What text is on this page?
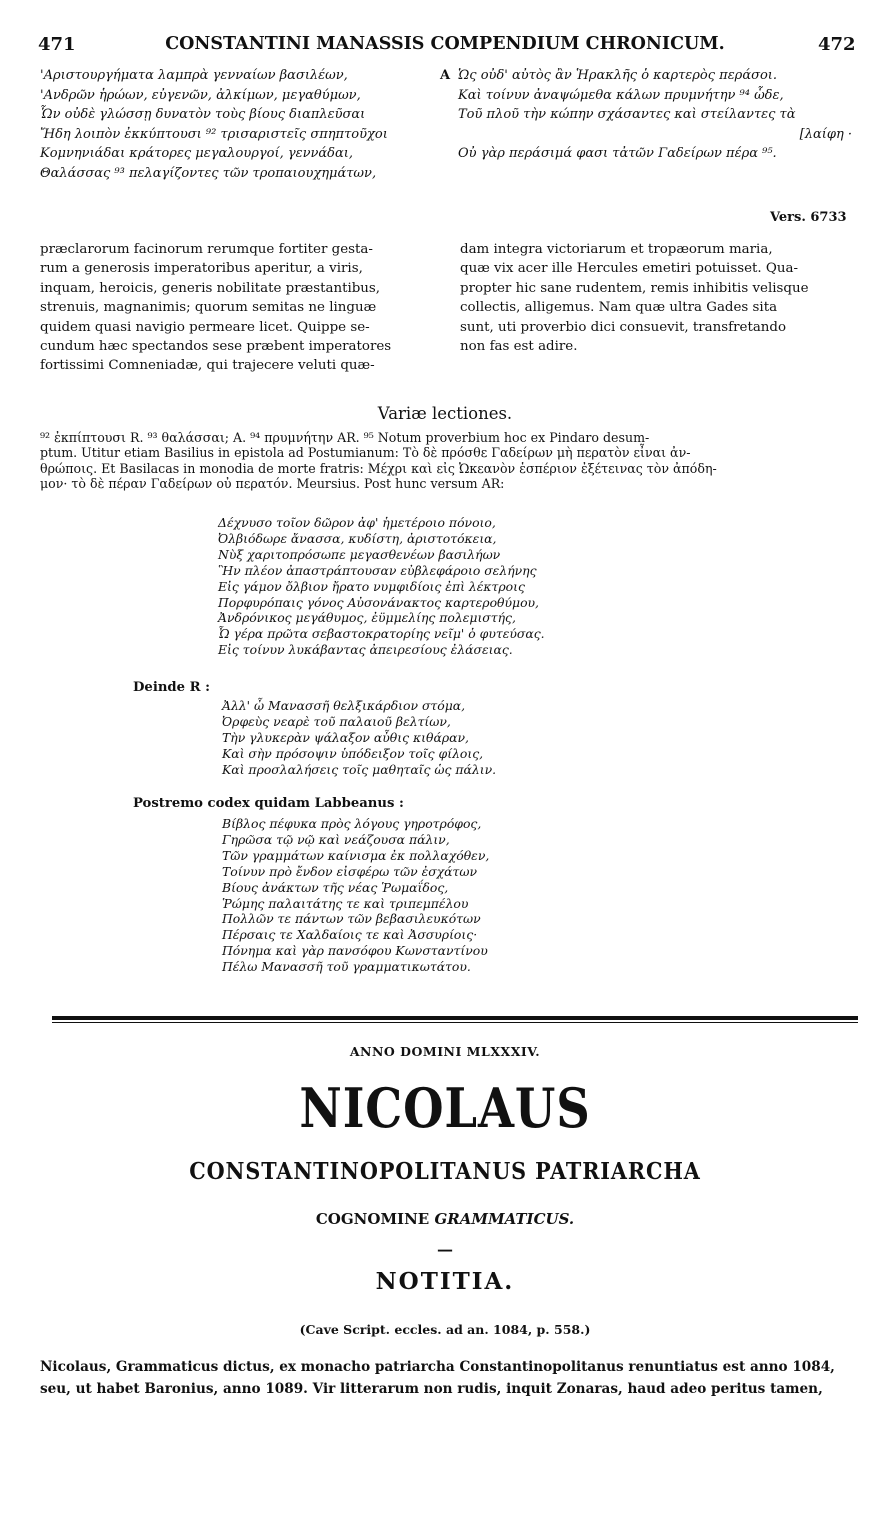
471	CONSTANTINI MANASSIS COMPENDIUM CHRONICUM.	472
'Αριστουργήματα λαμπρὰ γενναίων βασιλέων,
'Ανδρῶν ἡρώων, εὐγενῶν, ἀλκίμων, μεγαθύμων,
Ὧν οὐδὲ γλώσσῃ δυνατὸν τοὺς βίους διαπλεῦσαι
Ἤδη λοιπὸν ἐκκύπτουσι ⁹² τρισαριστεῖς σπηπτοῦχοι
Κομνηνιάδαι κράτορες μεγαλουργοί, γεννάδαι,
Θαλάσσας ⁹³ πελαγίζοντες τῶν τροπαιουχημάτων,
A Ὡς οὐδ' αὐτὸς ἂν Ἡρακλῆς ὁ καρτερὸς περάσοι.
Καὶ τοίνυν ἀναψώμεθα κάλων πρυμνήτην ⁹⁴ ὧδε,
Τοῦ πλοῦ τὴν κώπην σχάσαντες καὶ στείλαντες τὰ
[λαίφη ·
Οὐ γὰρ περάσιμά φασι τἀτῶν Γαδείρων πέρα ⁹⁵.
Vers. 6733
præclarorum facinorum rerumque fortiter gesta-
rum a generosis imperatoribus aperitur, a viris,
inquam, heroicis, generis nobilitate præstantibus,
strenuis, magnanimis; quorum semitas ne linguæ
quidem quasi navigio permeare licet. Quippe se-
cundum hæc spectandos sese præbent imperatores
fortissimi Comneniadæ, qui trajecere veluti quæ-
dam integra victoriarum et tropæorum maria,
quæ vix acer ille Hercules emetiri potuisset. Qua-
propter hic sane rudentem, remis inhibitis velisque
collectis, alligemus. Nam quæ ultra Gades sita
sunt, uti proverbio dici consuevit, transfretando
non fas est adire.
Variæ lectiones.
⁹² ἐκπίπτουσι R. ⁹³ θαλάσσαι; A. ⁹⁴ πρυμνήτην AR. ⁹⁵ Notum proverbium hoc ex Pindaro desum-
ptum. Utitur etiam Basilius in epistola ad Postumianum: Τὸ δὲ πρόσθε Γαδείρων μὴ περατὸν εἶναι ἀν-
θρώποις. Et Basilacas in monodia de morte fratris: Μέχρι καὶ εἰς Ὠκεανὸν ἑσπέριον ἐξέτεινας τὸν ἀπόδη-
μον· τὸ δὲ πέραν Γαδείρων οὐ περατόν. Meursius. Post hunc versum AR:
Δέχνυσο τοῖον δῶρον ἀφ' ἡμετέροιο πόνοιο,
Ὀλβιόδωρε ἄνασσα, κυδίστη, ἀριστοτόκεια,
Νὺξ χαριτοπρόσωπε μεγασθενέων βασιλήων
Ἣν πλέον ἀπαστράπτουσαν εὐβλεφάροιο σελήνης
Εἰς γάμον ὄλβιον ἤρατο νυμφιδίοις ἐπὶ λέκτροις
Πορφυρόπαις γόνος Αὐσονάνακτος καρτεροθύμου,
Ἀνδρόνικος μεγάθυμος, ἐϋμμελίης πολεμιστής,
Ὦ γέρα πρῶτα σεβαστοκρατορίης νεῖμ' ὁ φυτεύσας.
Εἰς τοίνυν λυκάβαντας ἀπειρεσίους ἐλάσειας.
Deinde R :
Ἀλλ' ὦ Μανασσῆ θελξικάρδιον στόμα,
Ὀρφεὺς νεαρὲ τοῦ παλαιοῦ βελτίων,
Τὴν γλυκερὰν ψάλαξον αὖθις κιθάραν,
Καὶ σὴν πρόσοψιν ὑπόδειξον τοῖς φίλοις,
Καὶ προσλαλήσεις τοῖς μαθηταῖς ὡς πάλιν.
Postremo codex quidam Labbeanus :
Βίβλος πέφυκα πρὸς λόγους γηροτρόφος,
Γηρῶσα τῷ νῷ καὶ νεάζουσα πάλιν,
Τῶν γραμμάτων καίνισμα ἐκ πολλαχόθεν,
Τοίνυν πρὸ ἔνδον εἰσφέρω τῶν ἐσχάτων
Βίους ἀνάκτων τῆς νέας Ῥωμαΐδος,
Ῥώμης παλαιτάτης τε καὶ τριπεμπέλου
Πολλῶν τε πάντων τῶν βεβασιλευκότων
Πέρσαις τε Χαλδαίοις τε καὶ Ἀσσυρίοις·
Πόνημα καὶ γὰρ πανσόφου Κωνσταντίνου
Πέλω Μανασσῆ τοῦ γραμματικωτάτου.
ANNO DOMINI MLXXXIV.
NICOLAUS
CONSTANTINOPOLITANUS PATRIARCHA
COGNOMINE GRAMMATICUS.
—
NOTITIA.
(Cave Script. eccles. ad an. 1084, p. 558.)
Nicolaus, Grammaticus dictus, ex monacho patriarcha Constantinopolitanus renuntiatus est anno 1084,
seu, ut habet Baronius, anno 1089. Vir litterarum non rudis, inquit Zonaras, haud adeo peritus tamen,
